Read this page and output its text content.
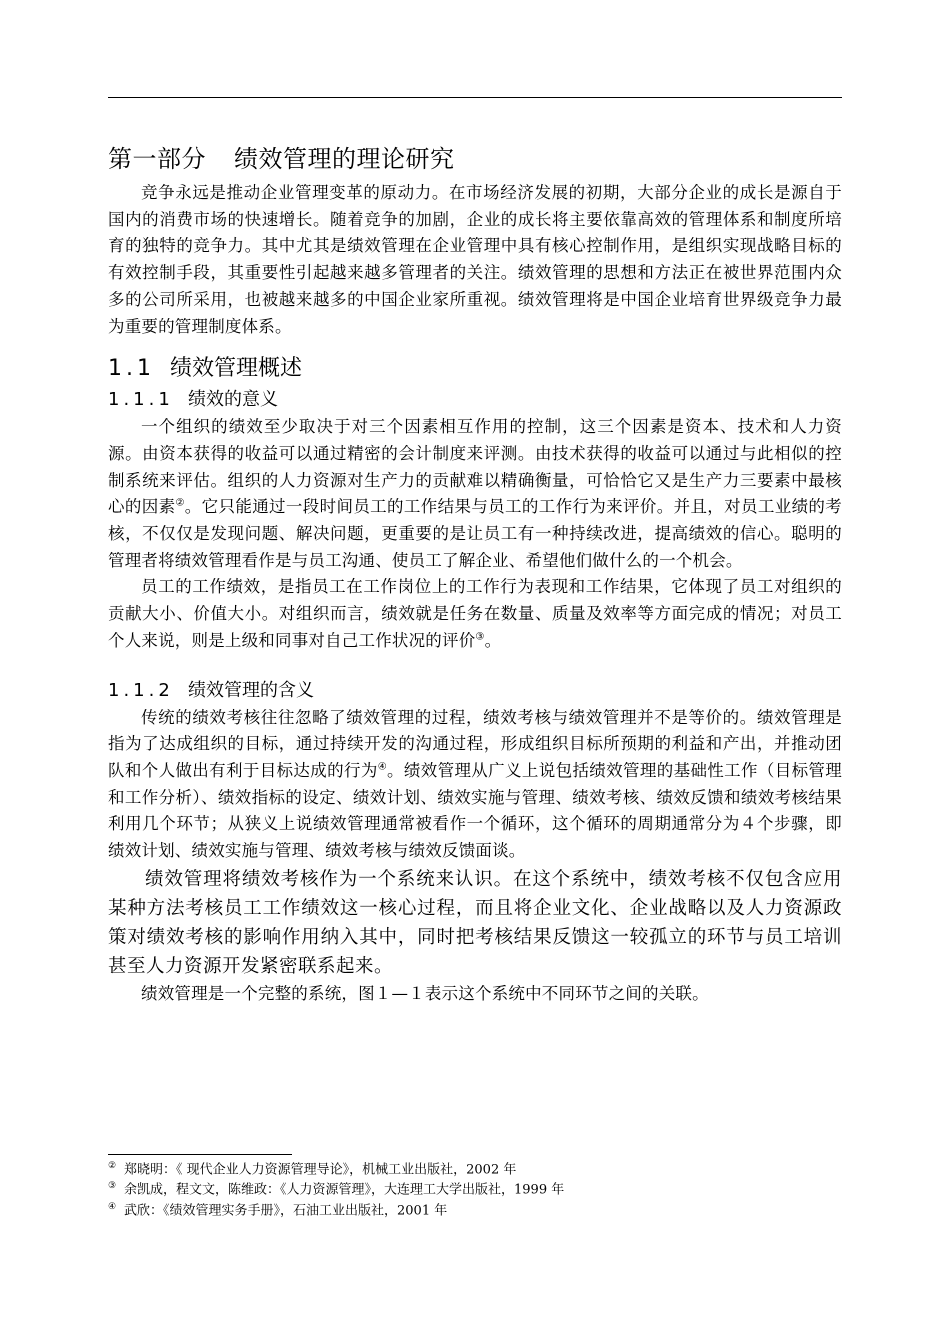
第一部分 绩效管理的理论研究

竞争永远是推动企业管理变革的原动力。在市场经济发展的初期，大部分企业的成长是源自于国内的消费市场的快速增长。随着竞争的加剧，企业的成长将主要依靠高效的管理体系和制度所培育的独特的竞争力。其中尤其是绩效管理在企业管理中具有核心控制作用，是组织实现战略目标的有效控制手段，其重要性引起越来越多管理者的关注。绩效管理的思想和方法正在被世界范围内众多的公司所采用，也被越来越多的中国企业家所重视。绩效管理将是中国企业培育世界级竞争力最为重要的管理制度体系。

1.1 绩效管理概述
1.1.1 绩效的意义

一个组织的绩效至少取决于对三个因素相互作用的控制，这三个因素是资本、技术和人力资源。由资本获得的收益可以通过精密的会计制度来评测。由技术获得的收益可以通过与此相似的控制系统来评估。组织的人力资源对生产力的贡献难以精确衡量，可恰恰它又是生产力三要素中最核心的因素②。它只能通过一段时间员工的工作结果与员工的工作行为来评价。并且，对员工业绩的考核，不仅仅是发现问题、解决问题，更重要的是让员工有一种持续改进，提高绩效的信心。聪明的管理者将绩效管理看作是与员工沟通、使员工了解企业、希望他们做什么的一个机会。

员工的工作绩效，是指员工在工作岗位上的工作行为表现和工作结果，它体现了员工对组织的贡献大小、价值大小。对组织而言，绩效就是任务在数量、质量及效率等方面完成的情况；对员工个人来说，则是上级和同事对自己工作状况的评价③。

1.1.2 绩效管理的含义

传统的绩效考核往往忽略了绩效管理的过程，绩效考核与绩效管理并不是等价的。绩效管理是指为了达成组织的目标，通过持续开发的沟通过程，形成组织目标所预期的利益和产出，并推动团队和个人做出有利于目标达成的行为④。绩效管理从广义上说包括绩效管理的基础性工作（目标管理和工作分析）、绩效指标的设定、绩效计划、绩效实施与管理、绩效考核、绩效反馈和绩效考核结果利用几个环节；从狭义上说绩效管理通常被看作一个循环，这个循环的周期通常分为４个步骤，即绩效计划、绩效实施与管理、绩效考核与绩效反馈面谈。

绩效管理将绩效考核作为一个系统来认识。在这个系统中，绩效考核不仅包含应用某种方法考核员工工作绩效这一核心过程，而且将企业文化、企业战略以及人力资源政策对绩效考核的影响作用纳入其中，同时把考核结果反馈这一较孤立的环节与员工培训甚至人力资源开发紧密联系起来。

绩效管理是一个完整的系统，图１—１表示这个系统中不同环节之间的关联。

② 郑晓明：《 现代企业人力资源管理导论》，机械工业出版社，2002 年
③ 余凯成，程文文，陈维政：《人力资源管理》，大连理工大学出版社，1999 年
④ 武欣：《绩效管理实务手册》，石油工业出版社，2001 年
